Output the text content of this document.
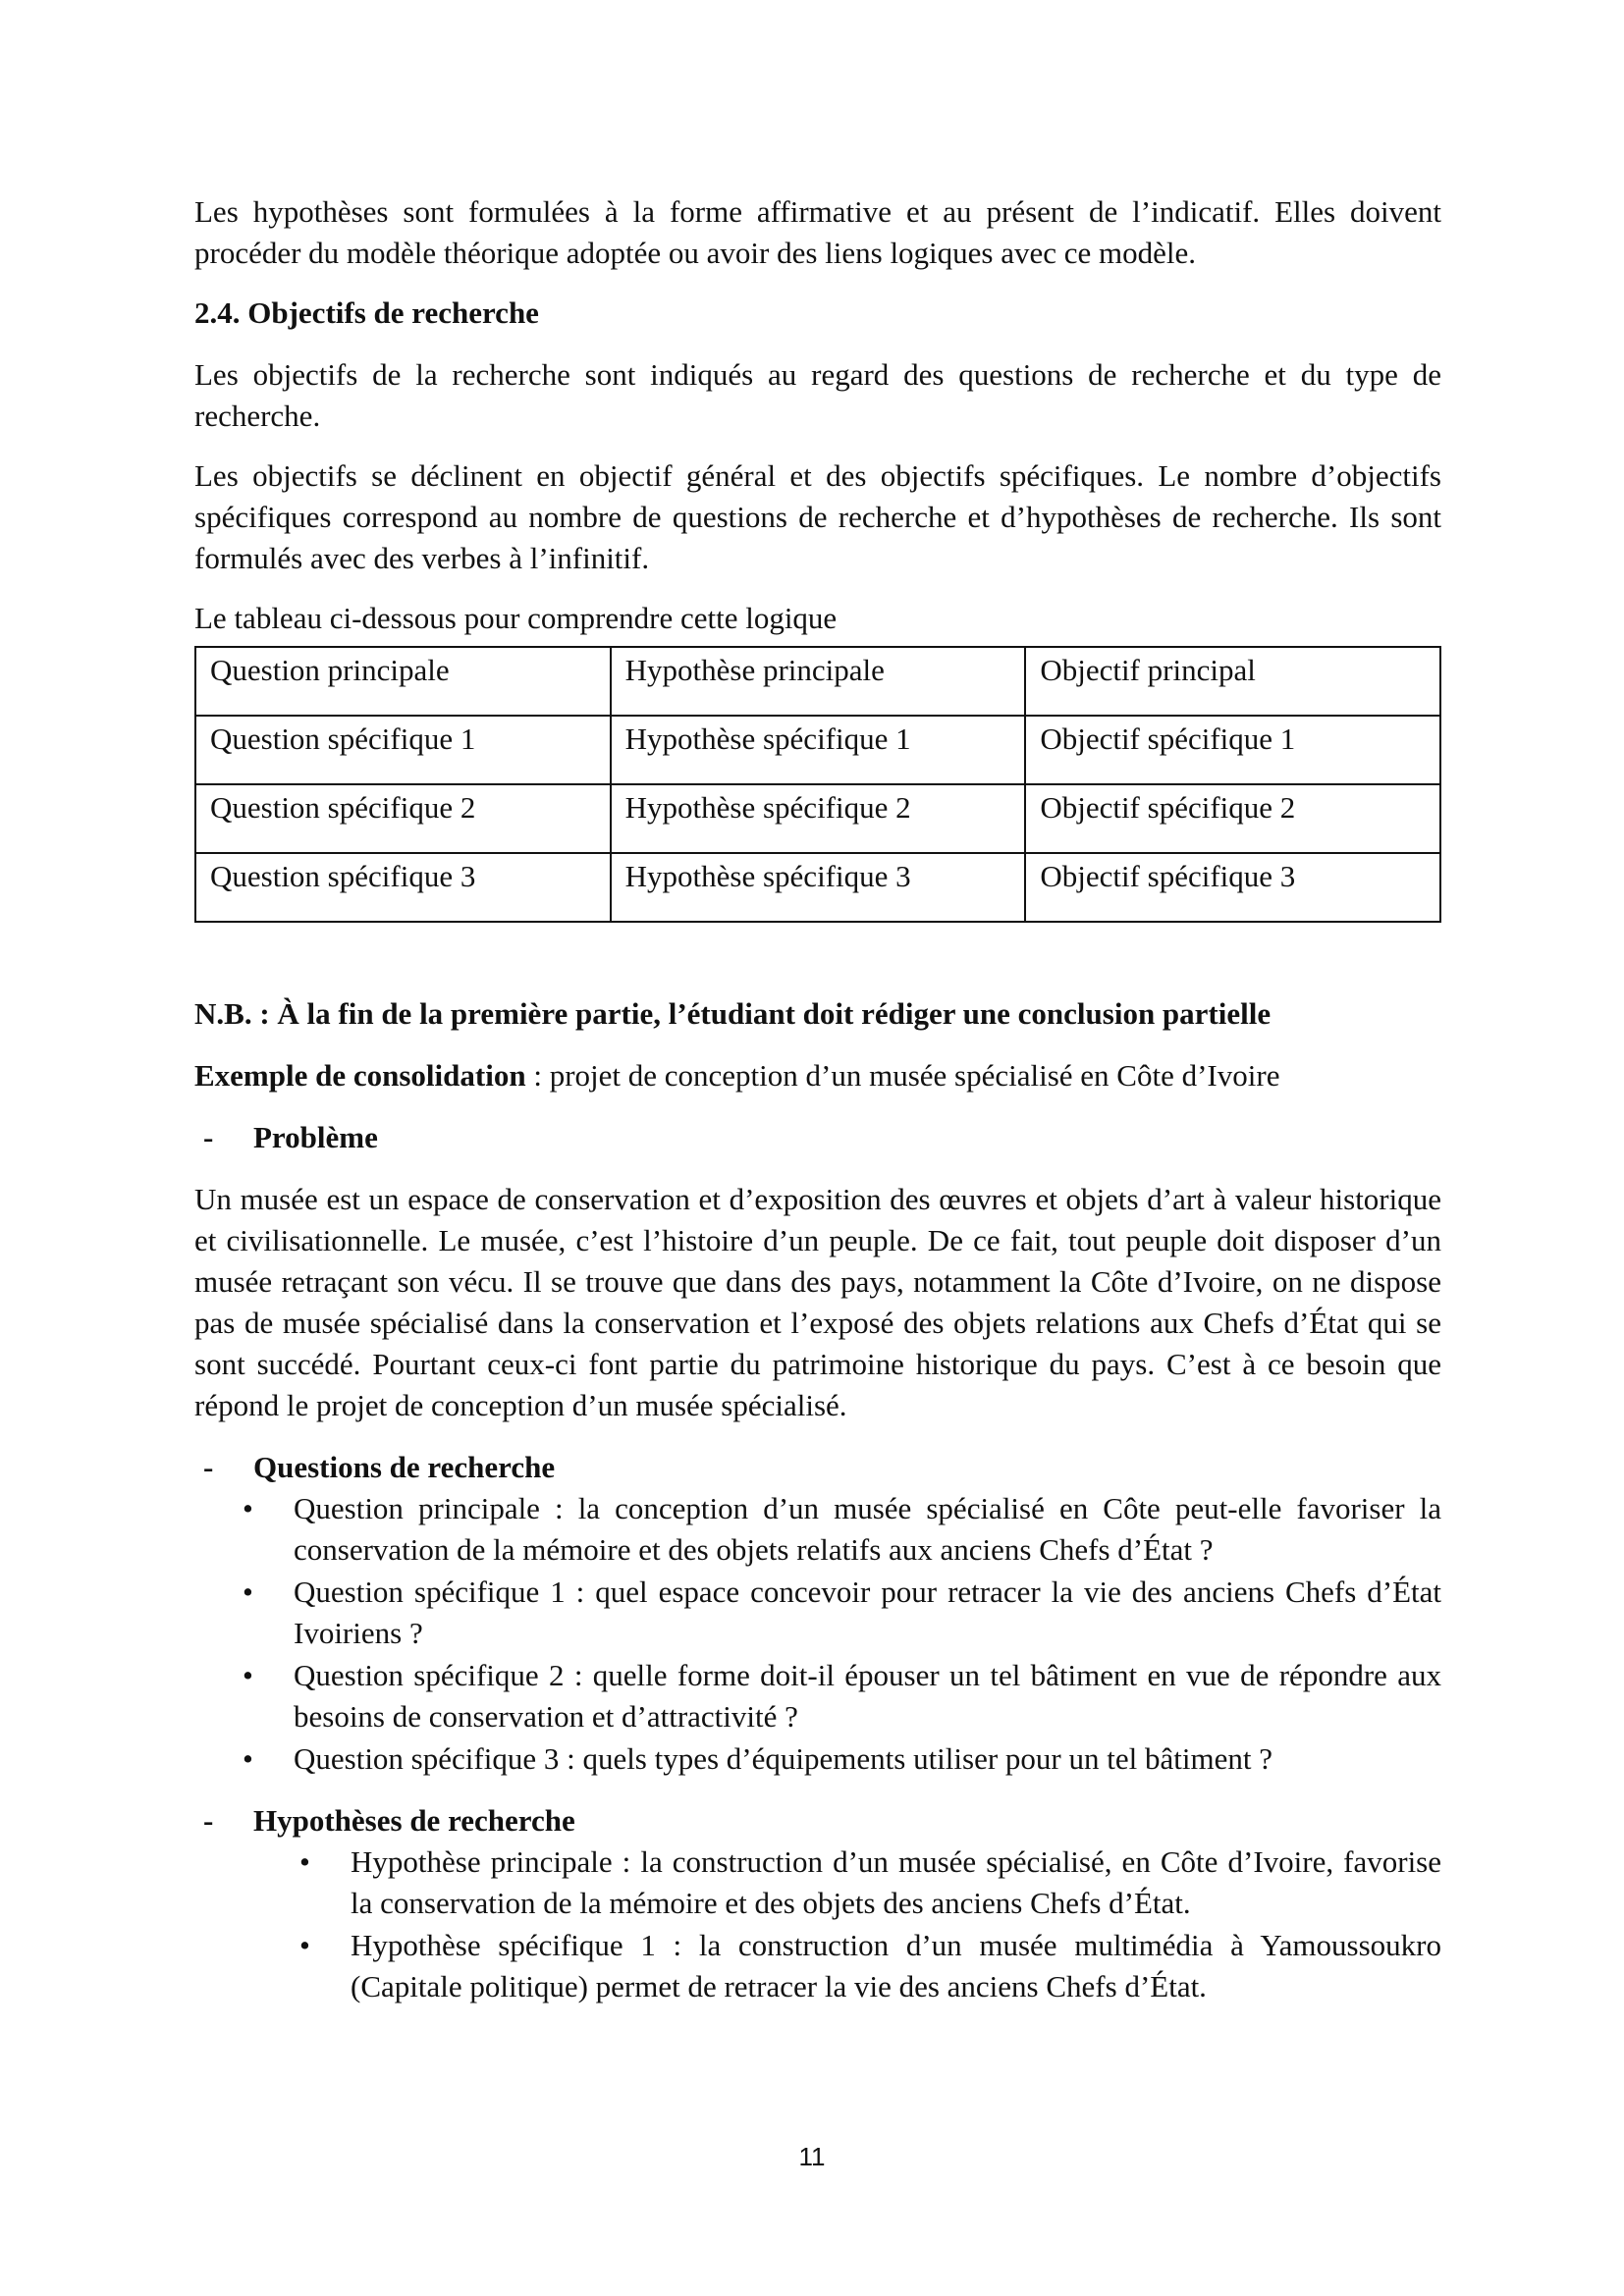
Les hypothèses sont formulées à la forme affirmative et au présent de l’indicatif. Elles doivent procéder du modèle théorique adoptée ou avoir des liens logiques avec ce modèle.

2.4. Objectifs de recherche

Les objectifs de la recherche sont indiqués au regard des questions de recherche et du type de recherche.

Les objectifs se déclinent en objectif général et des objectifs spécifiques. Le nombre d’objectifs spécifiques correspond au nombre de questions de recherche et d’hypothèses de recherche. Ils sont formulés avec des verbes à l’infinitif.

Le tableau ci-dessous pour comprendre cette logique

Question principale	Hypothèse principale	Objectif principal
Question spécifique 1	Hypothèse spécifique 1	Objectif spécifique 1
Question spécifique 2	Hypothèse spécifique 2	Objectif spécifique 2
Question spécifique 3	Hypothèse spécifique 3	Objectif spécifique 3

N.B. : À la fin de la première partie, l’étudiant doit rédiger une conclusion partielle

Exemple de consolidation : projet de conception d’un musée spécialisé en Côte d’Ivoire

-	Problème

Un musée est un espace de conservation et d’exposition des œuvres et objets d’art à valeur historique et civilisationnelle. Le musée, c’est l’histoire d’un peuple. De ce fait, tout peuple doit disposer d’un musée retraçant son vécu. Il se trouve que dans des pays, notamment la Côte d’Ivoire, on ne dispose pas de musée spécialisé dans la conservation et l’exposé des objets relations aux Chefs d’État qui se sont succédé. Pourtant ceux-ci font partie du patrimoine historique du pays. C’est à ce besoin que répond le projet de conception d’un musée spécialisé.

-	Questions de recherche
• Question principale : la conception d’un musée spécialisé en Côte peut-elle favoriser la conservation de la mémoire et des objets relatifs aux anciens Chefs d’État ?
• Question spécifique 1 : quel espace concevoir pour retracer la vie des anciens Chefs d’État Ivoiriens ?
• Question spécifique 2 : quelle forme doit-il épouser un tel bâtiment en vue de répondre aux besoins de conservation et d’attractivité ?
• Question spécifique 3 : quels types d’équipements utiliser pour un tel bâtiment ?
-	Hypothèses de recherche
• Hypothèse principale : la construction d’un musée spécialisé, en Côte d’Ivoire, favorise la conservation de la mémoire et des objets des anciens Chefs d’État.
• Hypothèse spécifique 1 : la construction d’un musée multimédia à Yamoussoukro (Capitale politique) permet de retracer la vie des anciens Chefs d’État.
11
